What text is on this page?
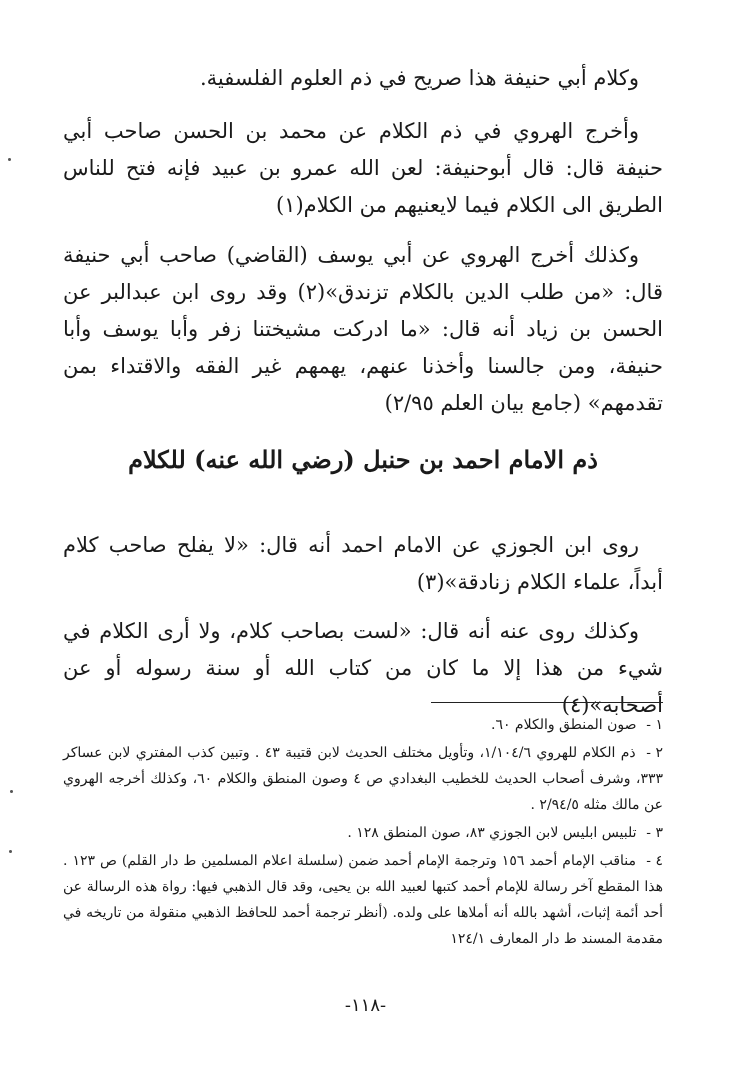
وكلام أبي حنيفة هذا صريح في ذم العلوم الفلسفية.

وأخرج الهروي في ذم الكلام عن محمد بن الحسن صاحب أبي حنيفة قال: قال أبوحنيفة: لعن الله عمرو بن عبيد فإنه فتح للناس الطريق الى الكلام فيما لايعنيهم من الكلام(١)

وكذلك أخرج الهروي عن أبي يوسف (القاضي) صاحب أبي حنيفة قال: «من طلب الدين بالكلام تزندق»(٢) وقد روى ابن عبدالبر عن الحسن بن زياد أنه قال: «ما ادركت مشيختنا زفر وأبا يوسف وأبا حنيفة، ومن جالسنا وأخذنا عنهم، يهمهم غير الفقه والاقتداء بمن تقدمهم» (جامع بيان العلم ٢/٩٥)

ذم الامام احمد بن حنبل (رضي الله عنه) للكلام

روى ابن الجوزي عن الامام احمد أنه قال: «لا يفلح صاحب كلام أبداً، علماء الكلام زنادقة»(٣)

وكذلك روى عنه أنه قال: «لست بصاحب كلام، ولا أرى الكلام في شيء من هذا إلا ما كان من كتاب الله أو سنة رسوله أو عن أصحابه»(٤)

١ - صون المنطق والكلام ٦٠.

٢ - ذم الكلام للهروي ١/١٠٤/٦، وتأويل مختلف الحديث لابن قتيبة ٤٣ . وتبين كذب المفتري لابن عساكر ٣٣٣، وشرف أصحاب الحديث للخطيب البغدادي ص ٤ وصون المنطق والكلام ٦٠، وكذلك أخرجه الهروي عن مالك مثله ٢/٩٤/٥ .

٣ - تلبيس ابليس لابن الجوزي ٨٣، صون المنطق ١٢٨ .

٤ - مناقب الإمام أحمد ١٥٦ وترجمة الإمام أحمد ضمن (سلسلة اعلام المسلمين ط دار القلم) ص ١٢٣ . هذا المقطع آخر رسالة للإمام أحمد كتبها لعبيد الله بن يحيى، وقد قال الذهبي فيها: رواة هذه الرسالة عن أحد أئمة إثبات، أشهد بالله أنه أملاها على ولده. (أنظر ترجمة أحمد للحافظ الذهبي منقولة من تاريخه في مقدمة المسند ط دار المعارف ١٢٤/١

-١١٨-
